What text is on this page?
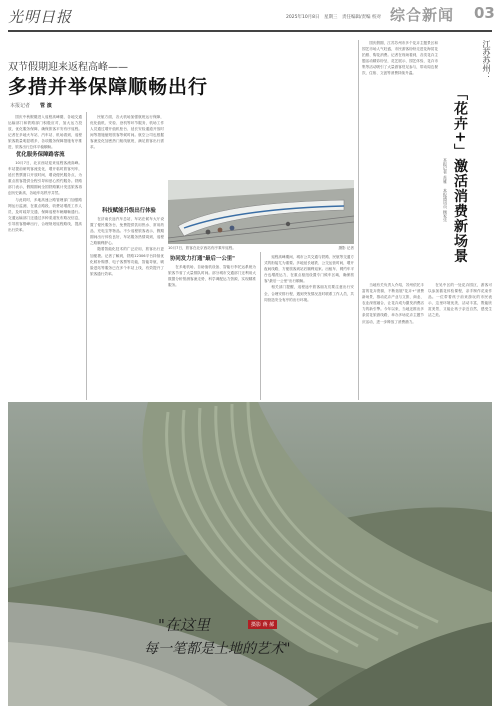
光明日报	2025年10月8日　星期三　责任编辑/责编 校对 综合新闻 03
双节假期迎来返程高峰——
多措并举保障顺畅出行
本报记者 管 演

国庆中秋假期进入返程高峰期，各地交通运输部门和铁路部门积极应对，加大运力投放，优化服务保障，确保旅客平安有序返程。记者在多地火车站、汽车站、机场看到，返程旅客数量明显增多，各项服务保障措施有序推进，旅客出行总体平稳顺畅。

优化服务保障路客流

10月7日，北京西站迎来返程客流高峰。车站提前研判客流变化，增开临时旅客列车，延长售票窗口开放时间，增设便民服务点，为重点旅客提供全程引导和爱心预约服务。铁路部门表示，假期期间全国铁路累计发送旅客再创历史新高，各地车站秩序井然。

与此同时，多地高速公路管理部门加强路网运行监测，在重点路段、收费站增派工作人员，及时疏导交通，保障返程车辆顺畅通行。交通运输部门还通过多种渠道发布路况信息，引导旅客错峰出行，合理规划返程路线，提高出行效率。

民航方面，各大机场加强航班运行保障，优化值机、安检、登机等环节服务，机场工作人员通过增开值机柜台、延长安检通道开放时间等措施缩短旅客等候时间。航空公司也根据客流变化加密热门航线航班，满足旅客出行需求。

科技赋能升级出行体验

在济南长途汽车总站，车站在候车大厅设置了便民服务台，免费提供饮用热水、常用药品、充电宝等物品。不少返程旅客表示，假期期间出行体验良好，车站服务热情周到，返程之路顺利舒心。

随着智能化技术的广泛应用，旅客出行更加便捷。记者了解到，铁路12306平台持续优化候补购票、电子客票等功能，智能导航、刷脸进站等服务已在多个车站上线，有效提升了旅客通行效率。

10月7日，旅客在北京西站有序乘车返程。	摄影 记者
协同发力打通"最后一公里"

在多地机场，自助值机设备、智能行李托运系统为旅客节省了大量排队时间。部分城市交通部门还利用大数据分析预测客流走势，科学调配运力资源，实现精准服务。

返程高峰期间，城市公共交通与铁路、民航等交通方式的衔接尤为重要。多地延长地铁、公交运营时间，增开夜间线路，方便旅客到站后顺利返家。出租车、网约车平台也增派运力，在重点枢纽设置专门候车区域，确保旅客"最后一公里"出行顺畅。

相关部门提醒，返程途中旅客朋友们要注意出行安全，合理安排行程，遇到突发情况及时联系工作人员，共同营造安全有序的出行环境。

江苏苏州：
「花卉+」激活消费新场景
本报记者 苏雁 　本报通讯员 顾家乐

国庆假期，江苏苏州市多个花卉主题景区和园艺市场人气旺盛，市民游客纷纷走进花海赏花拍照、购花消费。记者在现场看到，各类花卉主题活动精彩纷呈，花艺展示、园艺体验、花卉市集等活动吸引了大量游客驻足参与，带动周边餐饮、住宿、文创等消费持续升温。

当地有关负责人介绍，苏州依托丰富的花卉资源，不断拓展"花卉+"消费新场景，推动花卉产业与文旅、商业、农业深度融合，让花卉成为激发消费活力的新引擎。今年以来，当地还推出多条赏花旅游线路，举办多场花卉主题节庆活动，进一步释放了消费潜力。

在吴中区的一处花卉园区，游客可以参加插花体验课程，亲手制作花束作品。一位带着孩子前来游玩的市民表示，这里环境优美，活动丰富，既能欣赏美景，又能让孩子亲近自然，感受生活之美。

"在这里	摄影 蒋 郝
每一笔都是土地的艺术"
